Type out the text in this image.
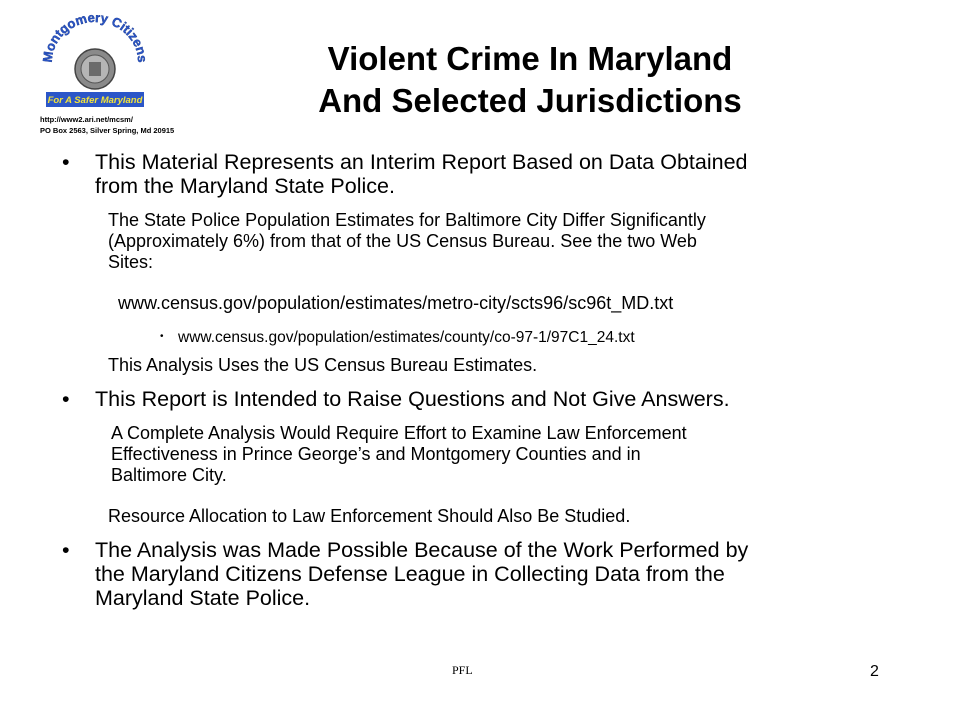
Montgomery Citizens
For A Safer Maryland
http://www2.ari.net/mcsm/
PO Box 2563, Silver Spring, Md 20915
Violent Crime In Maryland
And Selected Jurisdictions
• This Material Represents an Interim Report Based on Data Obtained
from the Maryland State Police.
The State Police Population Estimates for Baltimore City Differ Significantly
(Approximately 6%) from that of the US Census Bureau. See the two Web
Sites:
www.census.gov/population/estimates/metro-city/scts96/sc96t_MD.txt
• www.census.gov/population/estimates/county/co-97-1/97C1_24.txt
This Analysis Uses the US Census Bureau Estimates.
• This Report is Intended to Raise Questions and Not Give Answers.
A Complete Analysis Would Require Effort to Examine Law Enforcement
Effectiveness in Prince George’s and Montgomery Counties and in
Baltimore City.
Resource Allocation to Law Enforcement Should Also Be Studied.
• The Analysis was Made Possible Because of the Work Performed by
the Maryland Citizens Defense League in Collecting Data from the
Maryland State Police.
PFL	2
